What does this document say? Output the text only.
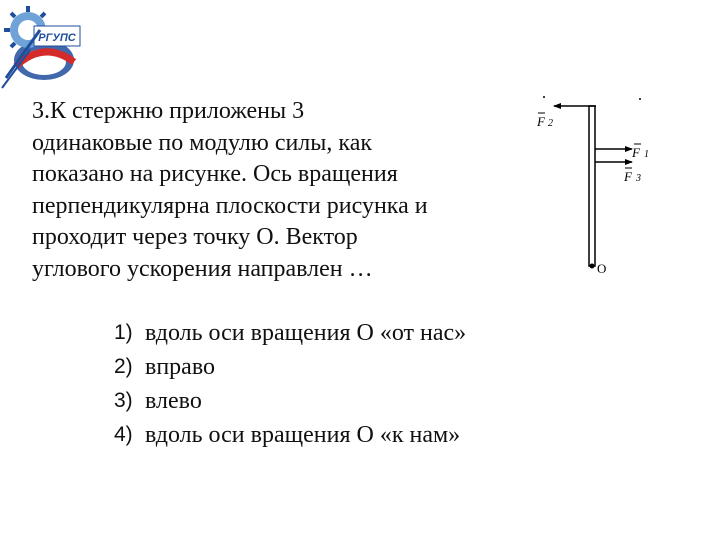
РГУПС
3.К стержню приложены 3
одинаковые по модулю силы, как
показано на рисунке. Ось вращения
перпендикулярна плоскости рисунка и
проходит через точку О. Вектор
углового ускорения направлен …
1) вдоль оси вращения О «от нас»
2) вправо
3) влево
4) вдоль оси вращения О «к нам»
O
F 2
F 1
F 3
